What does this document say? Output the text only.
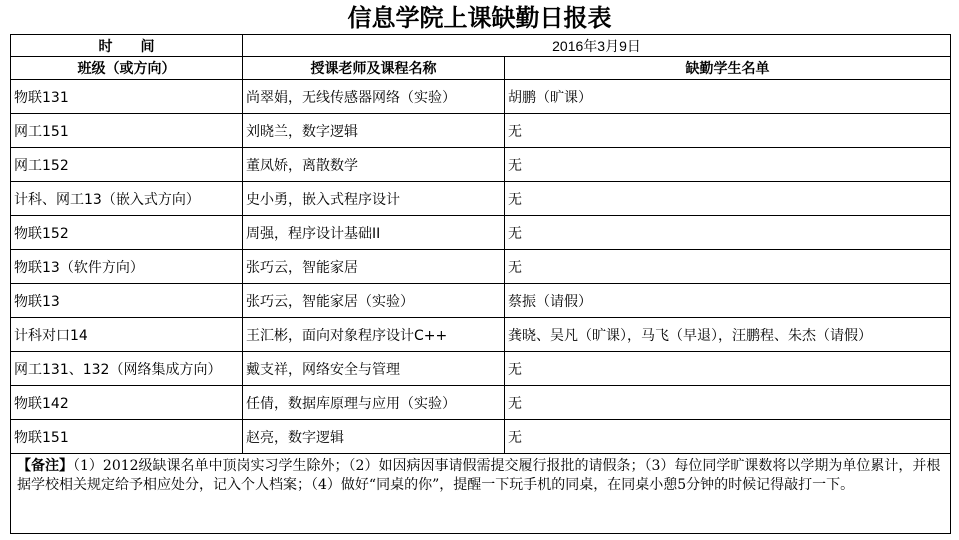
信息学院上课缺勤日报表
时　　间	2016年3月9日	
班级（或方向）	授课老师及课程名称	缺勤学生名单
物联131	尚翠娟，无线传感器网络（实验）	胡鹏（旷课）
网工151	刘晓兰，数字逻辑	无
网工152	董凤娇，离散数学	无
计科、网工13（嵌入式方向）	史小勇，嵌入式程序设计	无
物联152	周强，程序设计基础II	无
物联13（软件方向）	张巧云，智能家居	无
物联13	张巧云，智能家居（实验）	蔡振（请假）
计科对口14	王汇彬，面向对象程序设计C++	龚晓、吴凡（旷课），马飞（早退），汪鹏程、朱杰（请假）
网工131、132（网络集成方向）	戴支祥，网络安全与管理	无
物联142	任倩，数据库原理与应用（实验）	无
物联151	赵亮，数字逻辑	无
【备注】（1）2012级缺课名单中顶岗实习学生除外；（2）如因病因事请假需提交履行报批的请假条；（3）每位同学旷课数将以学期为单位累计，并根据学校相关规定给予相应处分，记入个人档案；（4）做好“同桌的你”，提醒一下玩手机的同桌，在同桌小憩5分钟的时候记得敲打一下。		
